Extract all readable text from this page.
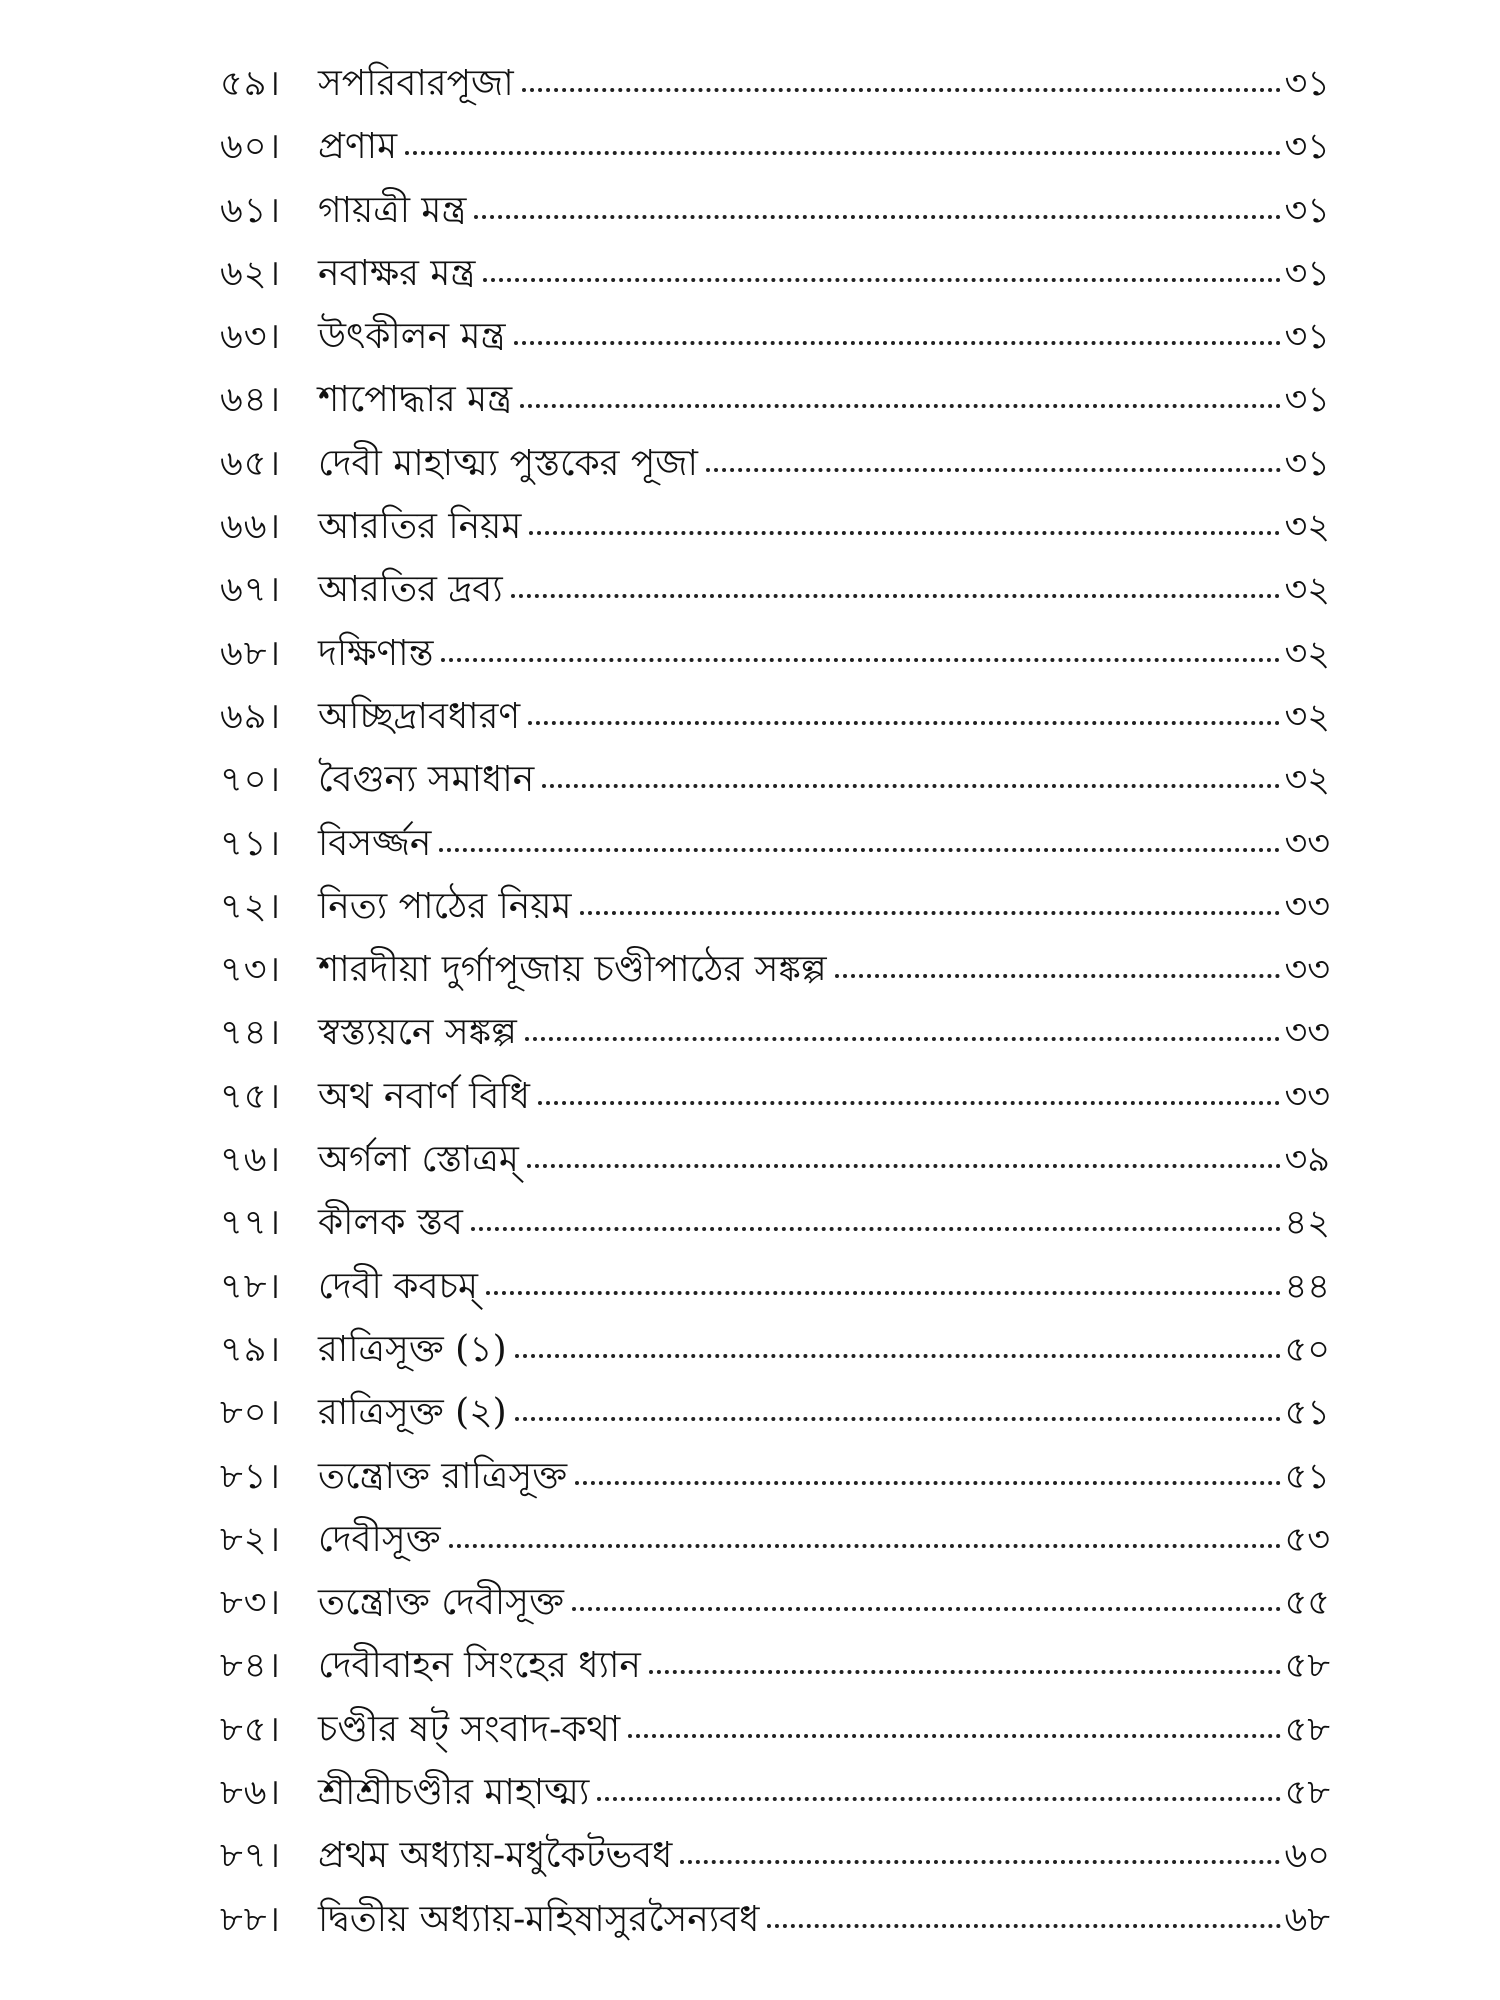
৫৯।	সপরিবারপূজা	৩১
৬০।	প্রণাম	৩১
৬১।	গায়ত্রী মন্ত্র	৩১
৬২।	নবাক্ষর মন্ত্র	৩১
৬৩।	উৎকীলন মন্ত্র	৩১
৬৪।	শাপোদ্ধার মন্ত্র	৩১
৬৫।	দেবী মাহাত্ম্য পুস্তকের পূজা	৩১
৬৬।	আরতির নিয়ম	৩২
৬৭।	আরতির দ্রব্য	৩২
৬৮।	দক্ষিণান্ত	৩২
৬৯।	অচ্ছিদ্রাবধারণ	৩২
৭০।	বৈগুন্য সমাধান	৩২
৭১।	বিসর্জ্জন	৩৩
৭২।	নিত্য পাঠের নিয়ম	৩৩
৭৩।	শারদীয়া দুর্গাপূজায় চণ্ডীপাঠের সঙ্কল্প	৩৩
৭৪।	স্বস্ত্যয়নে সঙ্কল্প	৩৩
৭৫।	অথ নবার্ণ বিধি	৩৩
৭৬।	অর্গলা স্তোত্রম্	৩৯
৭৭।	কীলক স্তব	৪২
৭৮।	দেবী কবচম্	৪৪
৭৯।	রাত্রিসূক্ত (১)	৫০
৮০।	রাত্রিসূক্ত (২)	৫১
৮১।	তন্ত্রোক্ত রাত্রিসূক্ত	৫১
৮২।	দেবীসূক্ত	৫৩
৮৩।	তন্ত্রোক্ত দেবীসূক্ত	৫৫
৮৪।	দেবীবাহন সিংহের ধ্যান	৫৮
৮৫।	চণ্ডীর ষট্ সংবাদ-কথা	৫৮
৮৬।	শ্রীশ্রীচণ্ডীর মাহাত্ম্য	৫৮
৮৭।	প্রথম অধ্যায়-মধুকৈটভবধ	৬০
৮৮।	দ্বিতীয় অধ্যায়-মহিষাসুরসৈন্যবধ	৬৮
